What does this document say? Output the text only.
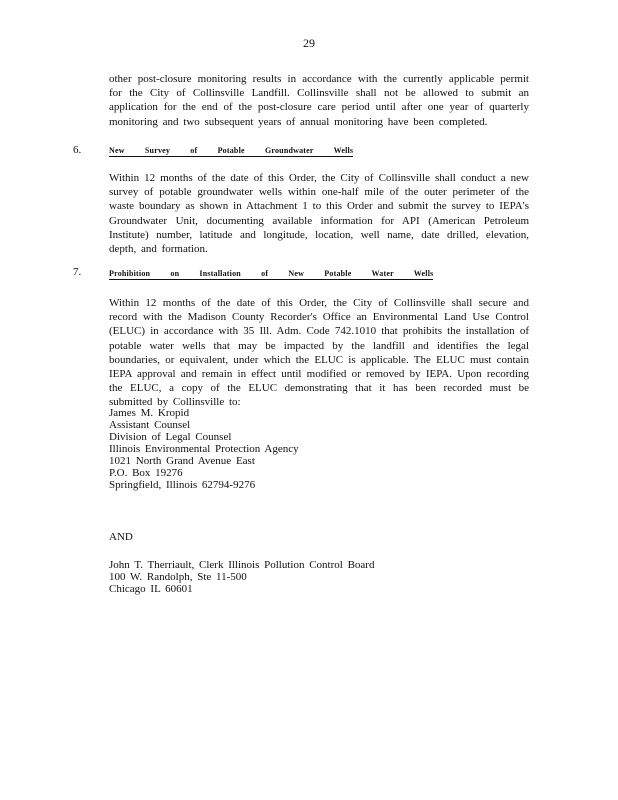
29
other post-closure monitoring results in accordance with the currently applicable permit for the City of Collinsville Landfill. Collinsville shall not be allowed to submit an application for the end of the post-closure care period until after one year of quarterly monitoring and two subsequent years of annual monitoring have been completed.
6.	New Survey of Potable Groundwater Wells
Within 12 months of the date of this Order, the City of Collinsville shall conduct a new survey of potable groundwater wells within one-half mile of the outer perimeter of the waste boundary as shown in Attachment 1 to this Order and submit the survey to IEPA's Groundwater Unit, documenting available information for API (American Petroleum Institute) number, latitude and longitude, location, well name, date drilled, elevation, depth, and formation.
7.	Prohibition on Installation of New Potable Water Wells
Within 12 months of the date of this Order, the City of Collinsville shall secure and record with the Madison County Recorder's Office an Environmental Land Use Control (ELUC) in accordance with 35 Ill. Adm. Code 742.1010 that prohibits the installation of potable water wells that may be impacted by the landfill and identifies the legal boundaries, or equivalent, under which the ELUC is applicable. The ELUC must contain IEPA approval and remain in effect until modified or removed by IEPA. Upon recording the ELUC, a copy of the ELUC demonstrating that it has been recorded must be submitted by Collinsville to:
James M. Kropid
Assistant Counsel
Division of Legal Counsel
Illinois Environmental Protection Agency
1021 North Grand Avenue East
P.O. Box 19276
Springfield, Illinois 62794-9276
AND
John T. Therriault, Clerk Illinois Pollution Control Board
100 W. Randolph, Ste 11-500
Chicago IL 60601
